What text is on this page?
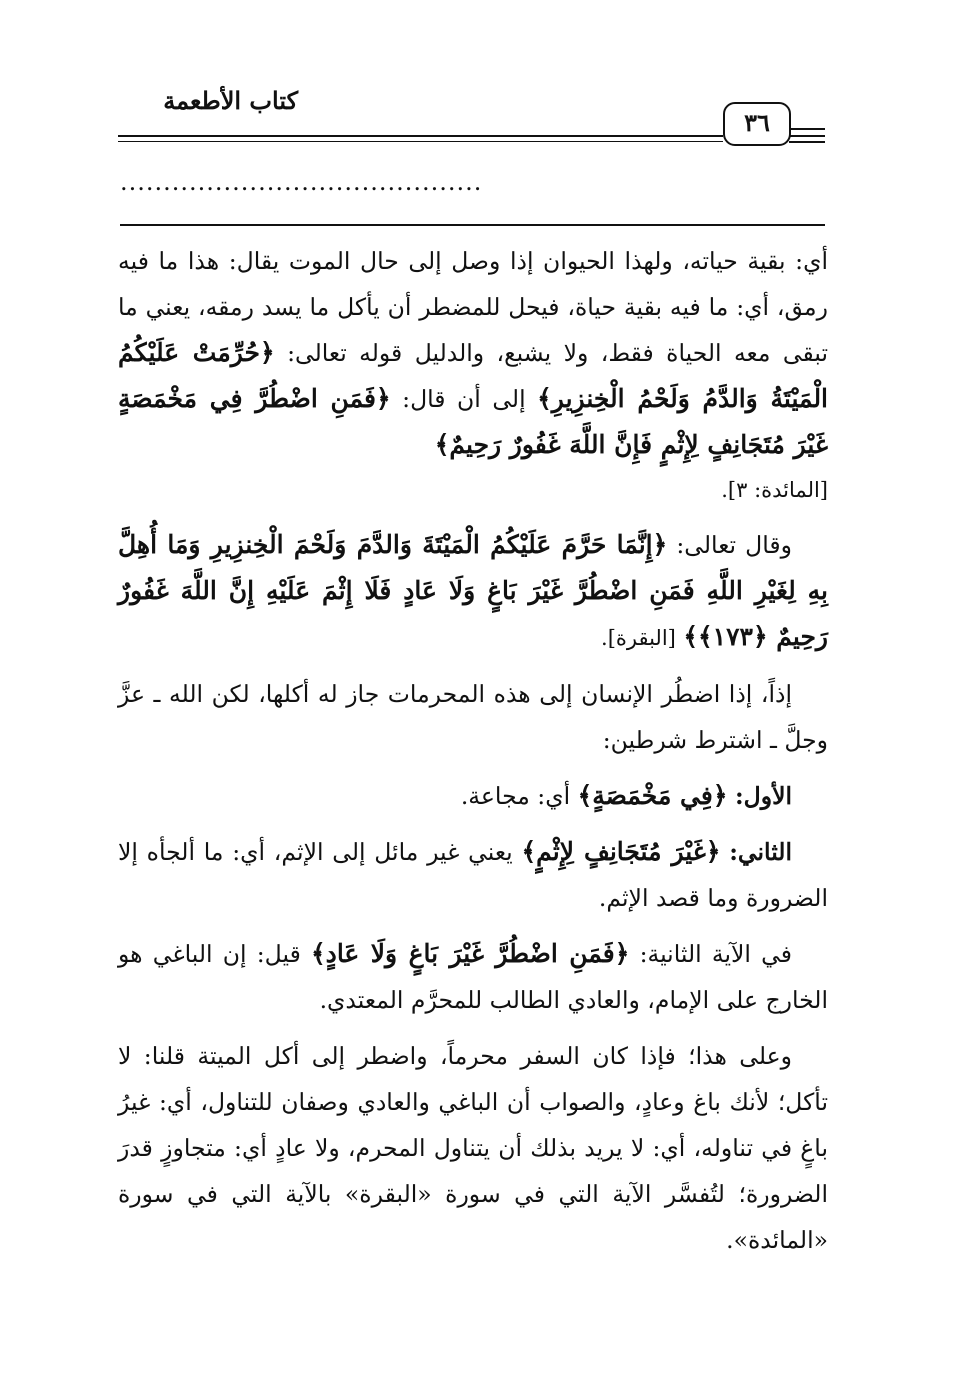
كتاب الأطعمة
٣٦
..........................................

أي: بقية حياته، ولهذا الحيوان إذا وصل إلى حال الموت يقال: هذا ما فيه رمق، أي: ما فيه بقية حياة، فيحل للمضطر أن يأكل ما يسد رمقه، يعني ما تبقى معه الحياة فقط، ولا يشبع، والدليل قوله تعالى: ﴿حُرِّمَتْ عَلَيْكُمُ الْمَيْتَةُ وَالدَّمُ وَلَحْمُ الْخِنزِيرِ﴾ إلى أن قال: ﴿فَمَنِ اضْطُرَّ فِي مَخْمَصَةٍ غَيْرَ مُتَجَانِفٍ لِإِثْمٍ فَإِنَّ اللَّهَ غَفُورٌ رَحِيمٌ﴾

[المائدة: ٣].

وقال تعالى: ﴿إِنَّمَا حَرَّمَ عَلَيْكُمُ الْمَيْتَةَ وَالدَّمَ وَلَحْمَ الْخِنزِيرِ وَمَا أُهِلَّ بِهِ لِغَيْرِ اللَّهِ فَمَنِ اضْطُرَّ غَيْرَ بَاغٍ وَلَا عَادٍ فَلَا إِثْمَ عَلَيْهِ إِنَّ اللَّهَ غَفُورٌ رَحِيمٌ ﴿١٧٣﴾﴾ [البقرة].

إذاً، إذا اضطُر الإنسان إلى هذه المحرمات جاز له أكلها، لكن الله ـ عزَّ وجلَّ ـ اشترط شرطين:

الأول: ﴿فِي مَخْمَصَةٍ﴾ أي: مجاعة.

الثاني: ﴿غَيْرَ مُتَجَانِفٍ لِإِثْمٍ﴾ يعني غير مائل إلى الإثم، أي: ما ألجأه إلا الضرورة وما قصد الإثم.

في الآية الثانية: ﴿فَمَنِ اضْطُرَّ غَيْرَ بَاغٍ وَلَا عَادٍ﴾ قيل: إن الباغي هو الخارج على الإمام، والعادي الطالب للمحرَّم المعتدي.

وعلى هذا؛ فإذا كان السفر محرماً، واضطر إلى أكل الميتة قلنا: لا تأكل؛ لأنك باغ وعادٍ، والصواب أن الباغي والعادي وصفان للتناول، أي: غيرُ باغٍ في تناوله، أي: لا يريد بذلك أن يتناول المحرم، ولا عادٍ أي: متجاوزٍ قدرَ الضرورة؛ لتُفسَّر الآية التي في سورة «البقرة» بالآية التي في سورة «المائدة».
